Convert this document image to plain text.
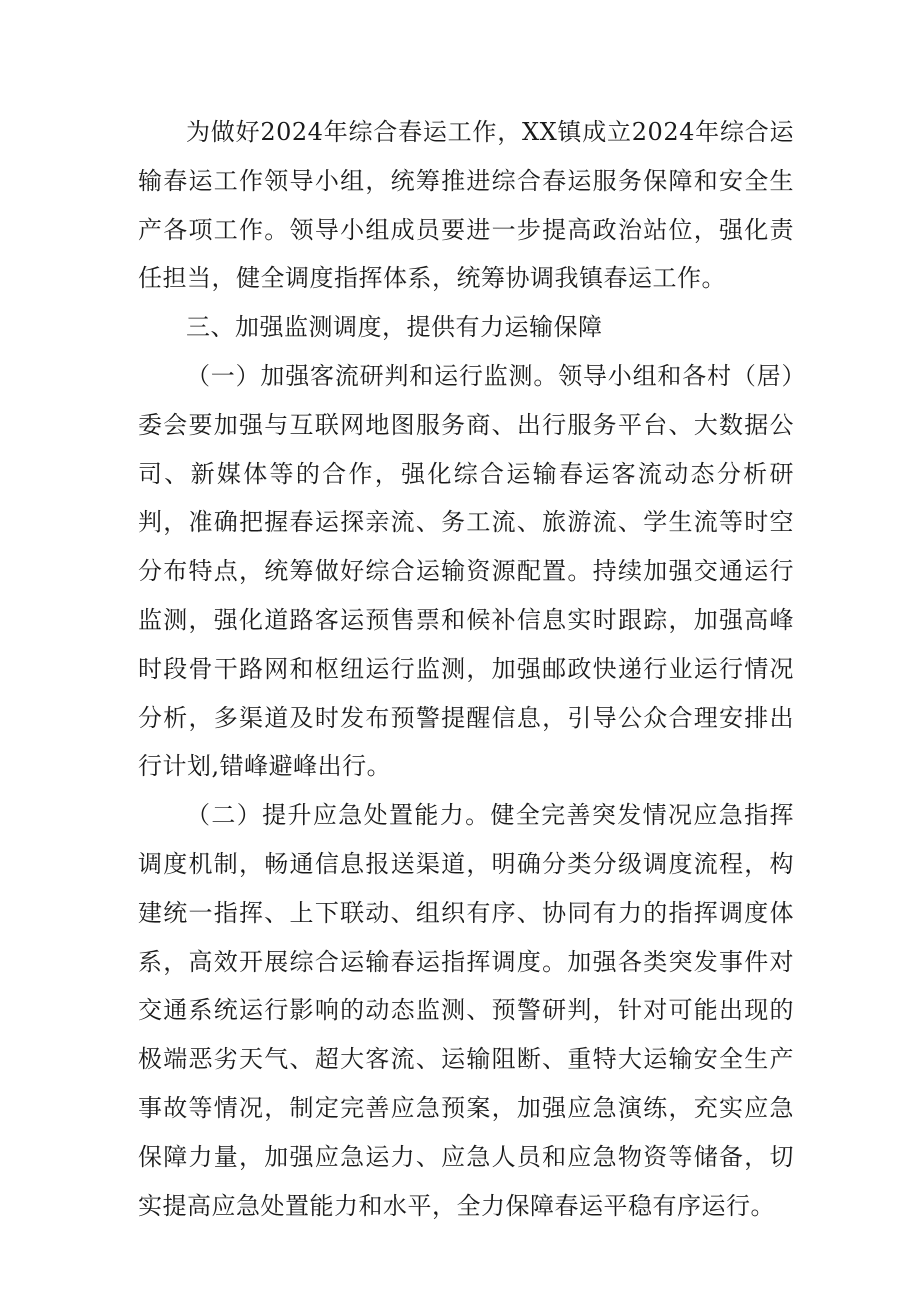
为做好2024年综合春运工作，XX镇成立2024年综合运输春运工作领导小组，统筹推进综合春运服务保障和安全生产各项工作。领导小组成员要进一步提高政治站位，强化责任担当，健全调度指挥体系，统筹协调我镇春运工作。

三、加强监测调度，提供有力运输保障

（一）加强客流研判和运行监测。领导小组和各村（居）委会要加强与互联网地图服务商、出行服务平台、大数据公司、新媒体等的合作，强化综合运输春运客流动态分析研判，准确把握春运探亲流、务工流、旅游流、学生流等时空分布特点，统筹做好综合运输资源配置。持续加强交通运行监测，强化道路客运预售票和候补信息实时跟踪，加强高峰时段骨干路网和枢纽运行监测，加强邮政快递行业运行情况分析，多渠道及时发布预警提醒信息，引导公众合理安排出行计划,错峰避峰出行。

（二）提升应急处置能力。健全完善突发情况应急指挥调度机制，畅通信息报送渠道，明确分类分级调度流程，构建统一指挥、上下联动、组织有序、协同有力的指挥调度体系，高效开展综合运输春运指挥调度。加强各类突发事件对交通系统运行影响的动态监测、预警研判，针对可能出现的极端恶劣天气、超大客流、运输阻断、重特大运输安全生产事故等情况，制定完善应急预案，加强应急演练，充实应急保障力量，加强应急运力、应急人员和应急物资等储备，切实提高应急处置能力和水平，全力保障春运平稳有序运行。
